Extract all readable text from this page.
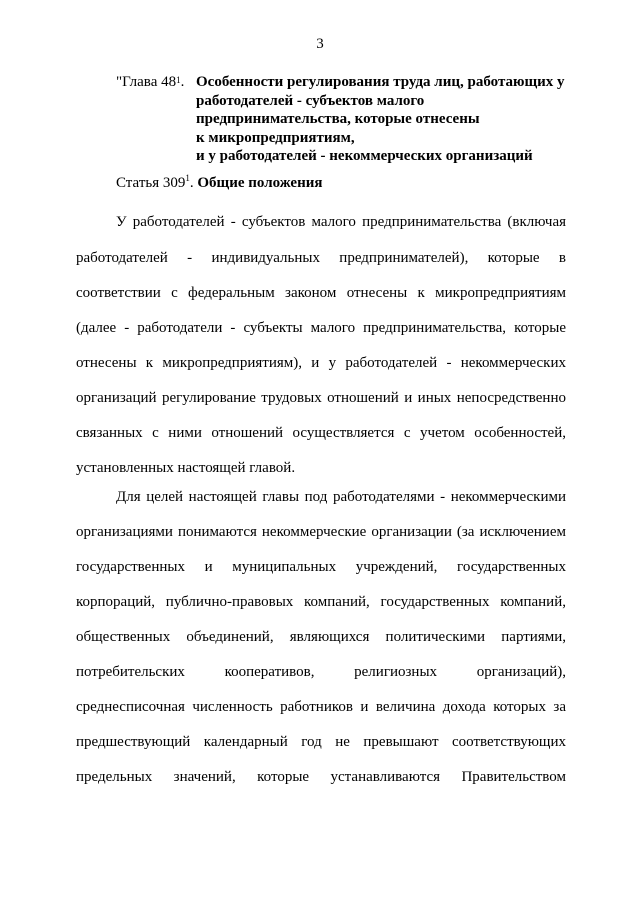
3
"Глава $48^1$. Особенности регулирования труда лиц, работающих у
работодателей - субъектов малого
предпринимательства, которые отнесены
к микропредприятиям,
и у работодателей - некоммерческих организаций
Статья $309^1$. Общие положения
У работодателей - субъектов малого предпринимательства (включая
работодателей - индивидуальных предпринимателей), которые в
соответствии с федеральным законом отнесены к микропредприятиям
(далее - работодатели - субъекты малого предпринимательства, которые
отнесены к микропредприятиям), и у работодателей - некоммерческих
организаций регулирование трудовых отношений и иных непосредственно
связанных с ними отношений осуществляется с учетом особенностей,
установленных настоящей главой.
Для целей настоящей главы под работодателями - некоммерческими
организациями понимаются некоммерческие организации (за исключением
государственных и муниципальных учреждений, государственных
корпораций, публично-правовых компаний, государственных компаний,
общественных объединений, являющихся политическими партиями,
потребительских кооперативов, религиозных организаций),
среднесписочная численность работников и величина дохода которых за
предшествующий календарный год не превышают соответствующих
предельных значений, которые устанавливаются Правительством
